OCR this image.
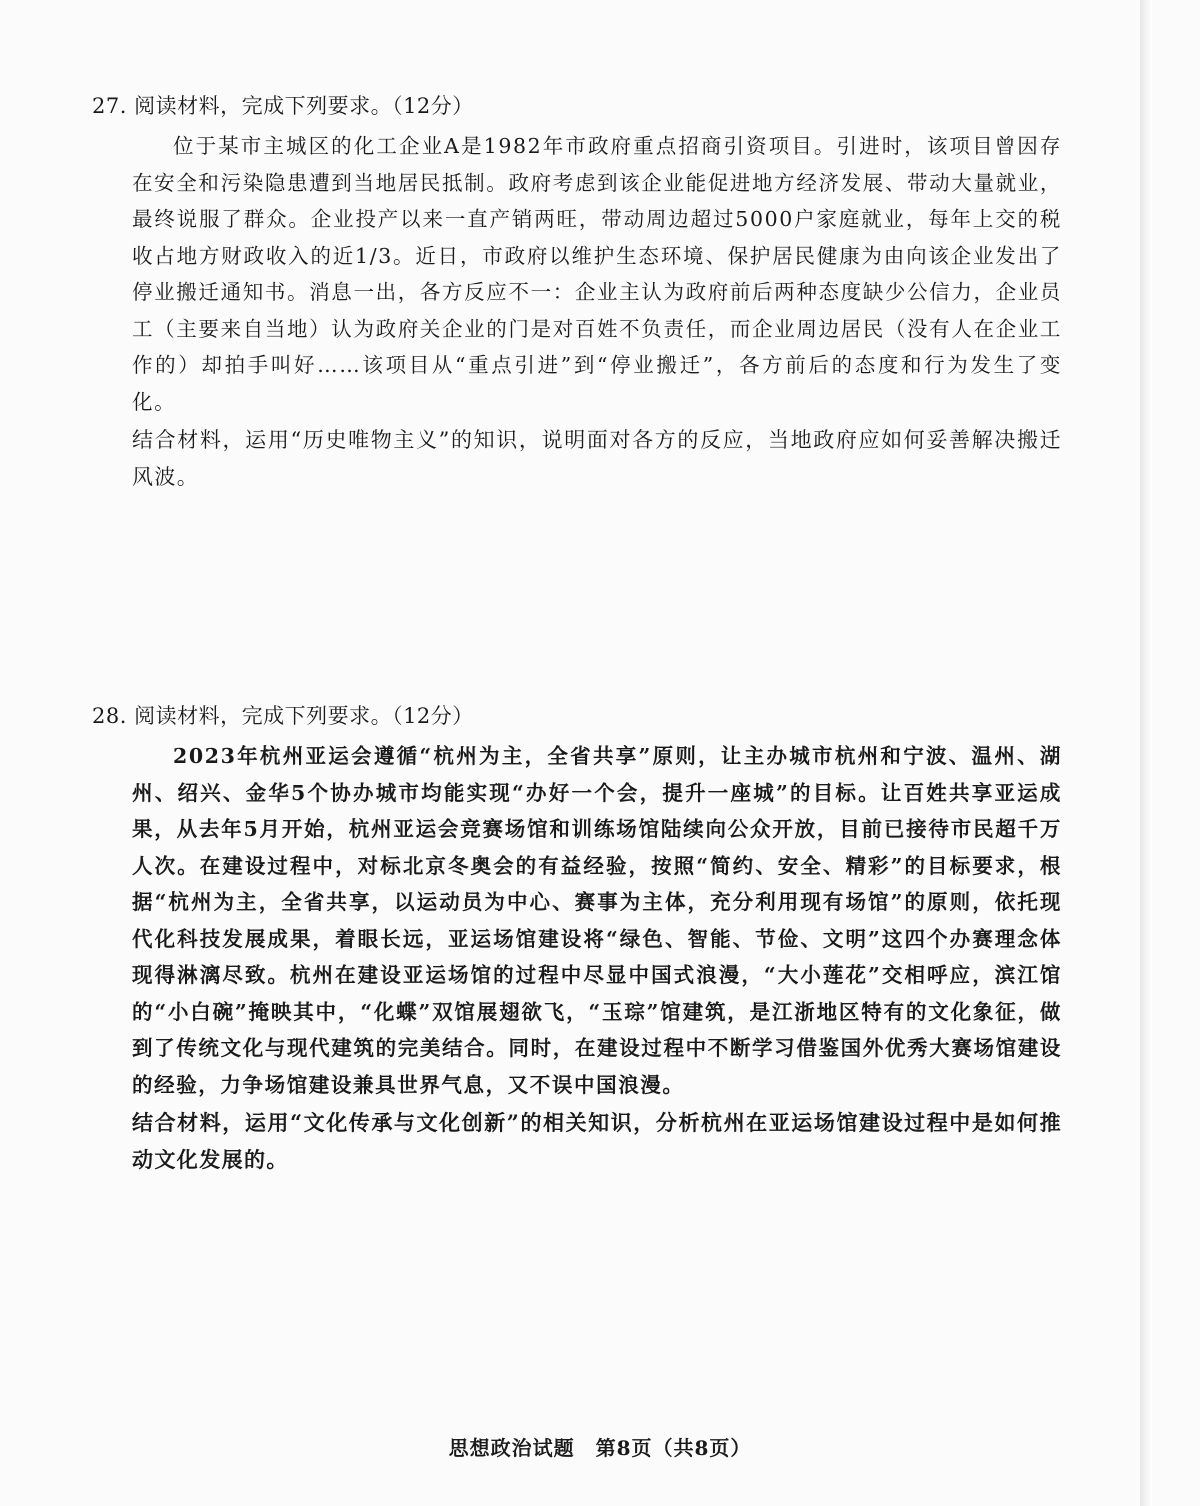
27. 阅读材料，完成下列要求。（12分）

位于某市主城区的化工企业A是1982年市政府重点招商引资项目。引进时，该项目曾因存在安全和污染隐患遭到当地居民抵制。政府考虑到该企业能促进地方经济发展、带动大量就业，最终说服了群众。企业投产以来一直产销两旺，带动周边超过5000户家庭就业，每年上交的税收占地方财政收入的近1/3。近日，市政府以维护生态环境、保护居民健康为由向该企业发出了停业搬迁通知书。消息一出，各方反应不一：企业主认为政府前后两种态度缺少公信力，企业员工（主要来自当地）认为政府关企业的门是对百姓不负责任，而企业周边居民（没有人在企业工作的）却拍手叫好……该项目从“重点引进”到“停业搬迁”，各方前后的态度和行为发生了变化。

结合材料，运用“历史唯物主义”的知识，说明面对各方的反应，当地政府应如何妥善解决搬迁风波。

28. 阅读材料，完成下列要求。（12分）

2023年杭州亚运会遵循“杭州为主，全省共享”原则，让主办城市杭州和宁波、温州、湖州、绍兴、金华5个协办城市均能实现“办好一个会，提升一座城”的目标。让百姓共享亚运成果，从去年5月开始，杭州亚运会竞赛场馆和训练场馆陆续向公众开放，目前已接待市民超千万人次。在建设过程中，对标北京冬奥会的有益经验，按照“简约、安全、精彩”的目标要求，根据“杭州为主，全省共享，以运动员为中心、赛事为主体，充分利用现有场馆”的原则，依托现代化科技发展成果，着眼长远，亚运场馆建设将“绿色、智能、节俭、文明”这四个办赛理念体现得淋漓尽致。杭州在建设亚运场馆的过程中尽显中国式浪漫，“大小莲花”交相呼应，滨江馆的“小白碗”掩映其中，“化蝶”双馆展翅欲飞，“玉琮”馆建筑，是江浙地区特有的文化象征，做到了传统文化与现代建筑的完美结合。同时，在建设过程中不断学习借鉴国外优秀大赛场馆建设的经验，力争场馆建设兼具世界气息，又不误中国浪漫。

结合材料，运用“文化传承与文化创新”的相关知识，分析杭州在亚运场馆建设过程中是如何推动文化发展的。

思想政治试题　第8页（共8页）
